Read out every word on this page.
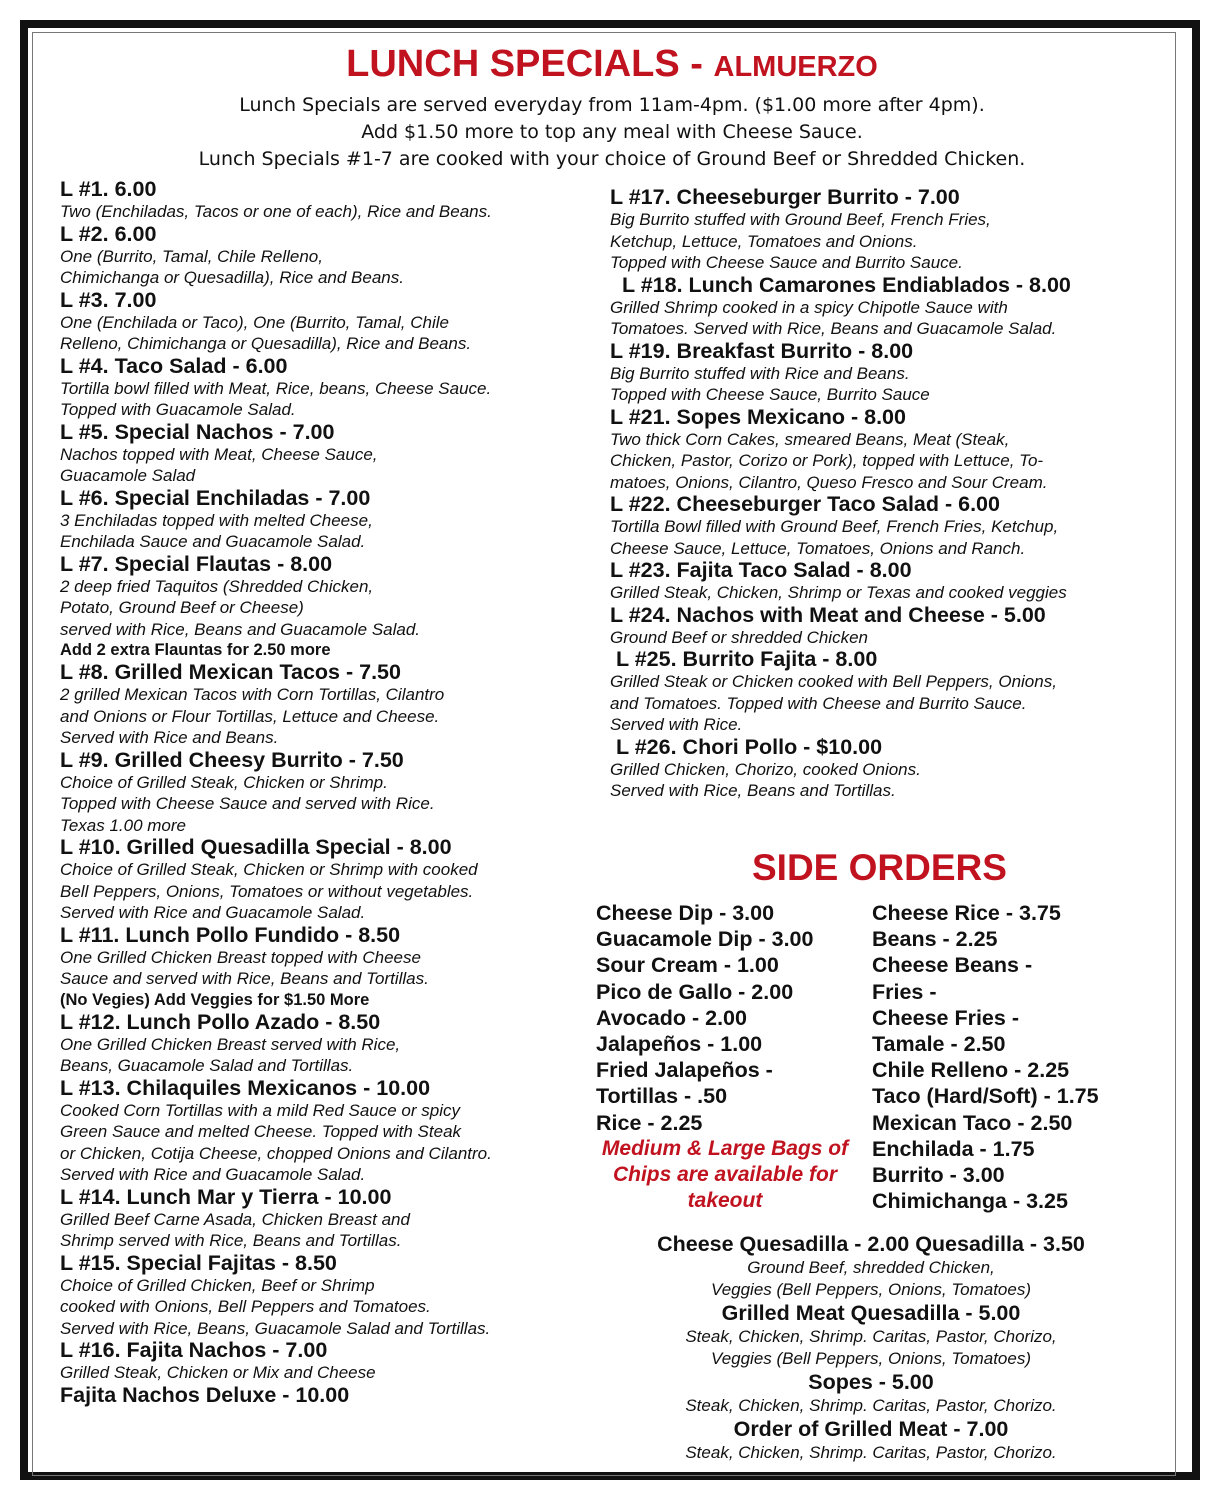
LUNCH SPECIALS - ALMUERZO
Lunch Specials are served everyday from 11am-4pm. ($1.00 more after 4pm).
Add $1.50 more to top any meal with Cheese Sauce.
Lunch Specials #1-7 are cooked with your choice of Ground Beef or Shredded Chicken.
L #1. 6.00
Two (Enchiladas, Tacos or one of each), Rice and Beans.
L #2. 6.00
One (Burrito, Tamal, Chile Relleno,
Chimichanga or Quesadilla), Rice and Beans.
L #3. 7.00
One (Enchilada or Taco), One (Burrito, Tamal, Chile
Relleno, Chimichanga or Quesadilla), Rice and Beans.
L #4. Taco Salad - 6.00
Tortilla bowl filled with Meat, Rice, beans, Cheese Sauce.
Topped with Guacamole Salad.
L #5. Special Nachos - 7.00
Nachos topped with Meat, Cheese Sauce,
Guacamole Salad
L #6. Special Enchiladas - 7.00
3 Enchiladas topped with melted Cheese,
Enchilada Sauce and Guacamole Salad.
L #7. Special Flautas - 8.00
2 deep fried Taquitos (Shredded Chicken,
Potato, Ground Beef or Cheese)
served with Rice, Beans and Guacamole Salad.
Add 2 extra Flauntas for 2.50 more
L #8. Grilled Mexican Tacos - 7.50
2 grilled Mexican Tacos with Corn Tortillas, Cilantro
and Onions or Flour Tortillas, Lettuce and Cheese.
Served with Rice and Beans.
L #9. Grilled Cheesy Burrito - 7.50
Choice of Grilled Steak, Chicken or Shrimp.
Topped with Cheese Sauce and served with Rice.
Texas 1.00 more
L #10. Grilled Quesadilla Special - 8.00
Choice of Grilled Steak, Chicken or Shrimp with cooked
Bell Peppers, Onions, Tomatoes or without vegetables.
Served with Rice and Guacamole Salad.
L #11. Lunch Pollo Fundido - 8.50
One Grilled Chicken Breast topped with Cheese
Sauce and served with Rice, Beans and Tortillas.
(No Vegies) Add Veggies for $1.50 More
L #12. Lunch Pollo Azado - 8.50
One Grilled Chicken Breast served with Rice,
Beans, Guacamole Salad and Tortillas.
L #13. Chilaquiles Mexicanos - 10.00
Cooked Corn Tortillas with a mild Red Sauce or spicy
Green Sauce and melted Cheese. Topped with Steak
or Chicken, Cotija Cheese, chopped Onions and Cilantro.
Served with Rice and Guacamole Salad.
L #14. Lunch Mar y Tierra - 10.00
Grilled Beef Carne Asada, Chicken Breast and
Shrimp served with Rice, Beans and Tortillas.
L #15. Special Fajitas - 8.50
Choice of Grilled Chicken, Beef or Shrimp
cooked with Onions, Bell Peppers and Tomatoes.
Served with Rice, Beans, Guacamole Salad and Tortillas.
L #16. Fajita Nachos - 7.00
Grilled Steak, Chicken or Mix and Cheese
Fajita Nachos Deluxe - 10.00
L #17. Cheeseburger Burrito - 7.00
Big Burrito stuffed with Ground Beef, French Fries,
Ketchup, Lettuce, Tomatoes and Onions.
Topped with Cheese Sauce and Burrito Sauce.
L #18. Lunch Camarones Endiablados - 8.00
Grilled Shrimp cooked in a spicy Chipotle Sauce with
Tomatoes. Served with Rice, Beans and Guacamole Salad.
L #19. Breakfast Burrito - 8.00
Big Burrito stuffed with Rice and Beans.
Topped with Cheese Sauce, Burrito Sauce
L #21. Sopes Mexicano - 8.00
Two thick Corn Cakes, smeared Beans, Meat (Steak,
Chicken, Pastor, Corizo or Pork), topped with Lettuce, To-
matoes, Onions, Cilantro, Queso Fresco and Sour Cream.
L #22. Cheeseburger Taco Salad - 6.00
Tortilla Bowl filled with Ground Beef, French Fries, Ketchup,
Cheese Sauce, Lettuce, Tomatoes, Onions and Ranch.
L #23. Fajita Taco Salad - 8.00
Grilled Steak, Chicken, Shrimp or Texas and cooked veggies
L #24. Nachos with Meat and Cheese - 5.00
Ground Beef or shredded Chicken
L #25. Burrito Fajita - 8.00
Grilled Steak or Chicken cooked with Bell Peppers, Onions,
and Tomatoes. Topped with Cheese and Burrito Sauce.
Served with Rice.
L #26. Chori Pollo - $10.00
Grilled Chicken, Chorizo, cooked Onions.
Served with Rice, Beans and Tortillas.
SIDE ORDERS
Cheese Dip - 3.00
Guacamole Dip - 3.00
Sour Cream - 1.00
Pico de Gallo - 2.00
Avocado - 2.00
Jalapeños - 1.00
Fried Jalapeños -
Tortillas - .50
Rice - 2.25
Medium & Large Bags of Chips are available for takeout
Cheese Rice - 3.75
Beans - 2.25
Cheese Beans -
Fries -
Cheese Fries -
Tamale - 2.50
Chile Relleno - 2.25
Taco (Hard/Soft) - 1.75
Mexican Taco - 2.50
Enchilada - 1.75
Burrito - 3.00
Chimichanga - 3.25
Cheese Quesadilla - 2.00 Quesadilla - 3.50
Ground Beef, shredded Chicken,
Veggies (Bell Peppers, Onions, Tomatoes)
Grilled Meat Quesadilla - 5.00
Steak, Chicken, Shrimp. Caritas, Pastor, Chorizo,
Veggies (Bell Peppers, Onions, Tomatoes)
Sopes - 5.00
Steak, Chicken, Shrimp. Caritas, Pastor, Chorizo.
Order of Grilled Meat - 7.00
Steak, Chicken, Shrimp. Caritas, Pastor, Chorizo.
